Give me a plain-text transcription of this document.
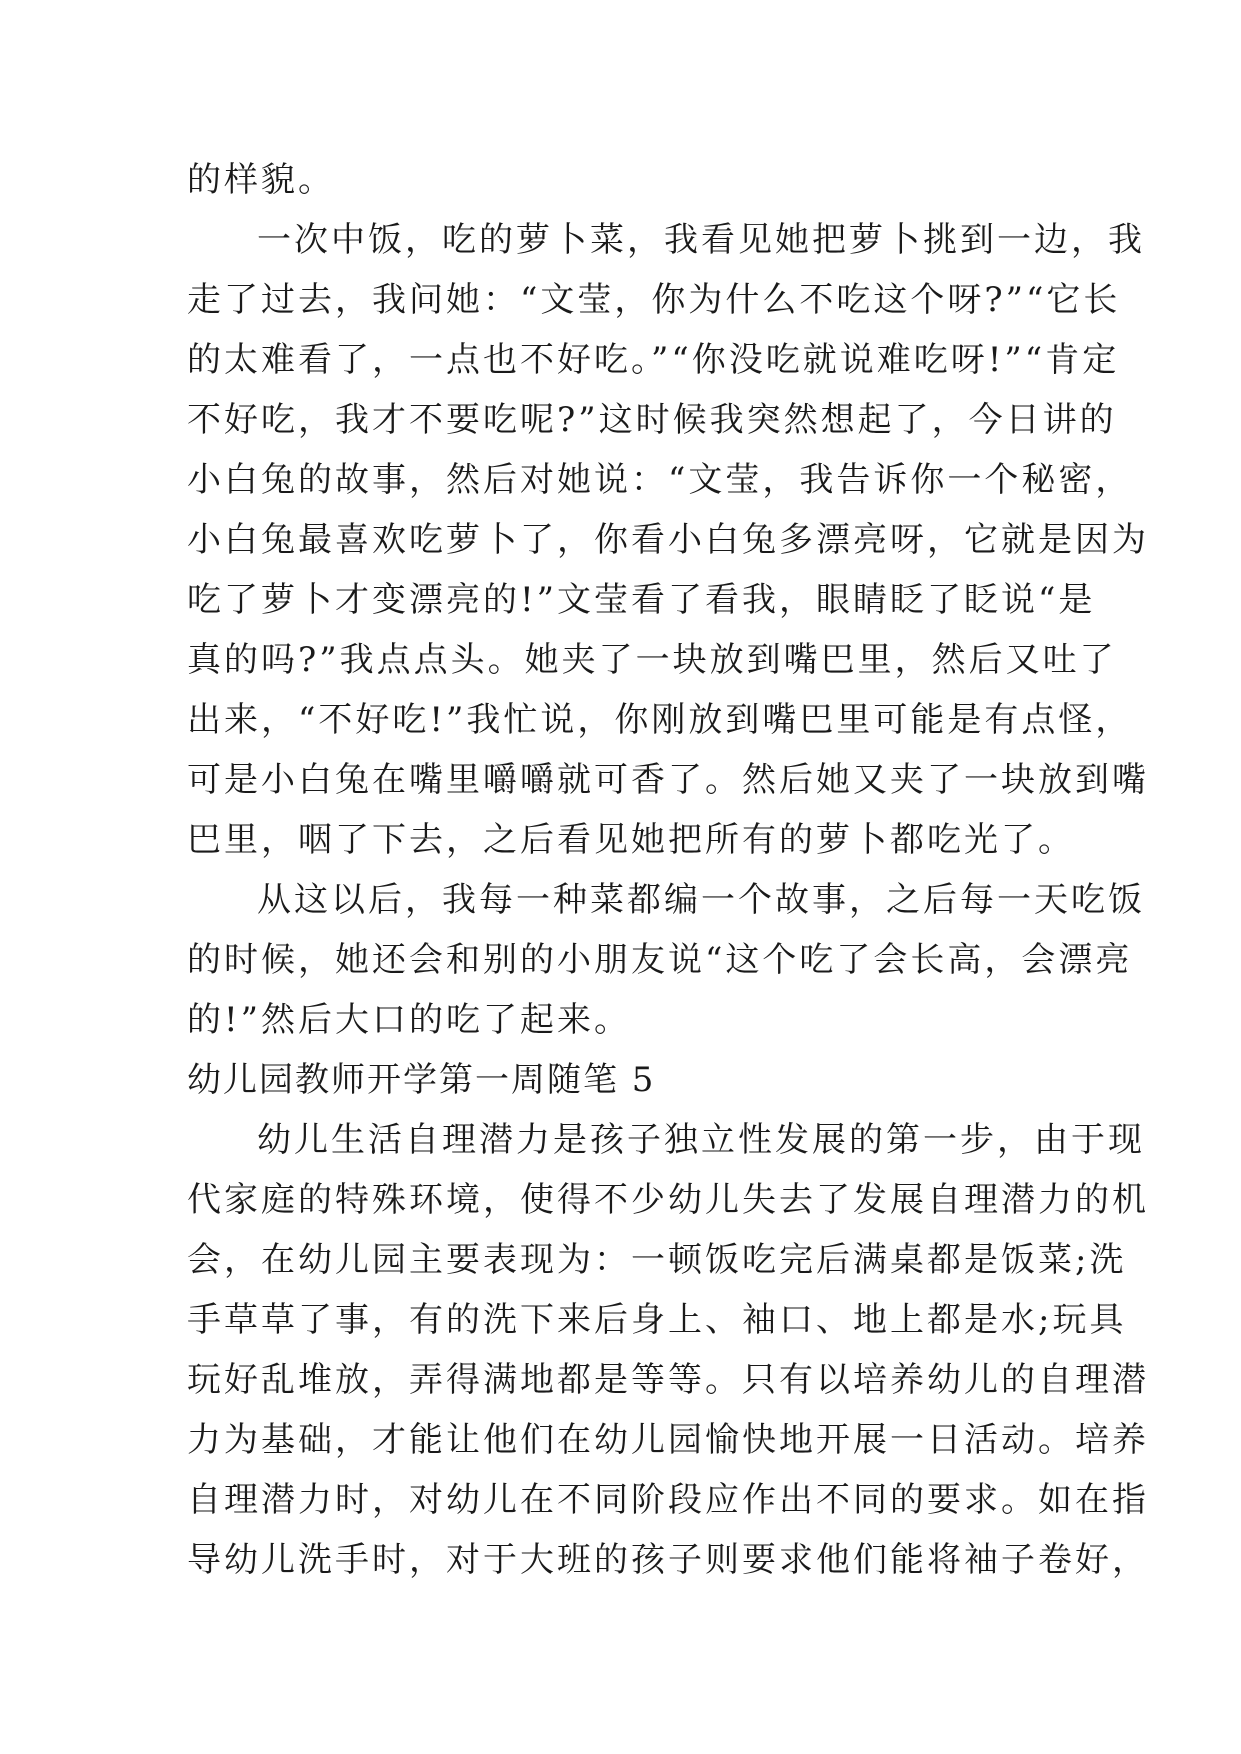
的样貌。

一次中饭，吃的萝卜菜，我看见她把萝卜挑到一边，我

走了过去，我问她：“文莹，你为什么不吃这个呀?”“它长

的太难看了，一点也不好吃。”“你没吃就说难吃呀!”“肯定

不好吃，我才不要吃呢?”这时候我突然想起了，今日讲的

小白兔的故事，然后对她说：“文莹，我告诉你一个秘密，

小白兔最喜欢吃萝卜了，你看小白兔多漂亮呀，它就是因为

吃了萝卜才变漂亮的!”文莹看了看我，眼睛眨了眨说“是

真的吗?”我点点头。她夹了一块放到嘴巴里，然后又吐了

出来，“不好吃!”我忙说，你刚放到嘴巴里可能是有点怪，

可是小白兔在嘴里嚼嚼就可香了。然后她又夹了一块放到嘴

巴里，咽了下去，之后看见她把所有的萝卜都吃光了。

从这以后，我每一种菜都编一个故事，之后每一天吃饭

的时候，她还会和别的小朋友说“这个吃了会长高，会漂亮

的!”然后大口的吃了起来。

幼儿园教师开学第一周随笔 5

幼儿生活自理潜力是孩子独立性发展的第一步，由于现

代家庭的特殊环境，使得不少幼儿失去了发展自理潜力的机

会，在幼儿园主要表现为：一顿饭吃完后满桌都是饭菜;洗

手草草了事，有的洗下来后身上、袖口、地上都是水;玩具

玩好乱堆放，弄得满地都是等等。只有以培养幼儿的自理潜

力为基础，才能让他们在幼儿园愉快地开展一日活动。培养

自理潜力时，对幼儿在不同阶段应作出不同的要求。如在指

导幼儿洗手时，对于大班的孩子则要求他们能将袖子卷好，
